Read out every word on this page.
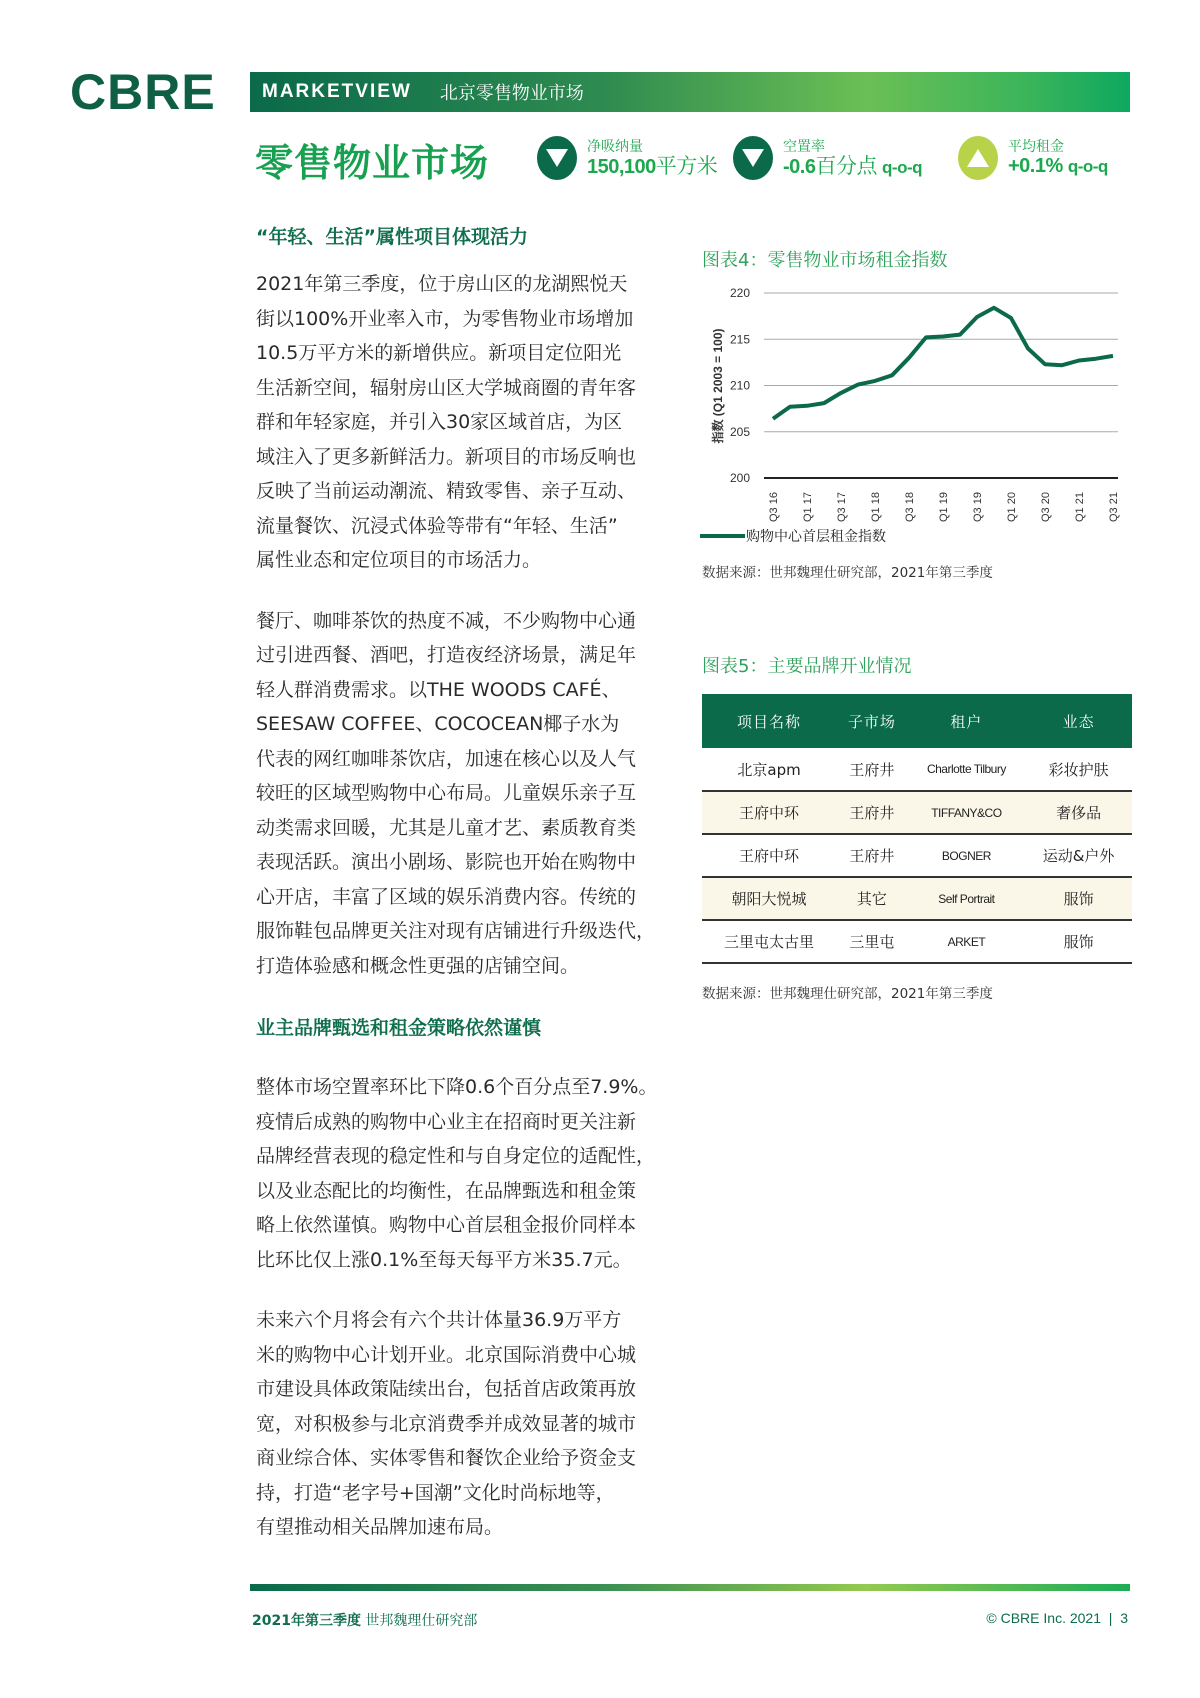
CBRE MARKETVIEW 北京零售物业市场
零售物业市场	净吸纳量
150,100平方米
空置率
-0.6百分点 q-o-q
平均租金
+0.1% q-o-q
“年轻、生活”属性项目体现活力
2021年第三季度，位于房山区的龙湖熙悦天
街以100%开业率入市，为零售物业市场增加
10.5万平方米的新增供应。新项目定位阳光
生活新空间，辐射房山区大学城商圈的青年客
群和年轻家庭，并引入30家区域首店，为区
域注入了更多新鲜活力。新项目的市场反响也
反映了当前运动潮流、精致零售、亲子互动、
流量餐饮、沉浸式体验等带有“年轻、生活”
属性业态和定位项目的市场活力。
餐厅、咖啡茶饮的热度不减，不少购物中心通
过引进西餐、酒吧，打造夜经济场景，满足年
轻人群消费需求。以THE WOODS CAFÉ、
SEESAW COFFEE、COCOCEAN椰子水为
代表的网红咖啡茶饮店，加速在核心以及人气
较旺的区域型购物中心布局。儿童娱乐亲子互
动类需求回暖，尤其是儿童才艺、素质教育类
表现活跃。演出小剧场、影院也开始在购物中
心开店，丰富了区域的娱乐消费内容。传统的
服饰鞋包品牌更关注对现有店铺进行升级迭代，
打造体验感和概念性更强的店铺空间。
业主品牌甄选和租金策略依然谨慎
整体市场空置率环比下降0.6个百分点至7.9%。
疫情后成熟的购物中心业主在招商时更关注新
品牌经营表现的稳定性和与自身定位的适配性，
以及业态配比的均衡性，在品牌甄选和租金策
略上依然谨慎。购物中心首层租金报价同样本
比环比仅上涨0.1%至每天每平方米35.7元。
未来六个月将会有六个共计体量36.9万平方
米的购物中心计划开业。北京国际消费中心城
市建设具体政策陆续出台，包括首店政策再放
宽，对积极参与北京消费季并成效显著的城市
商业综合体、实体零售和餐饮企业给予资金支
持，打造“老字号+国潮”文化时尚标地等，
有望推动相关品牌加速布局。
图表4：零售物业市场租金指数
200
205
210
215
220
指数 (Q1 2003 = 100)
Q3 16 Q1 17 Q3 17 Q1 18 Q3 18 Q1 19 Q3 19 Q1 20 Q3 20 Q1 21 Q3 21
购物中心首层租金指数
数据来源：世邦魏理仕研究部，2021年第三季度
图表5：主要品牌开业情况
项目名称	子市场	租户	业态
北京apm	王府井	Charlotte Tilbury	彩妆护肤
王府中环	王府井	TIFFANY&CO	奢侈品
王府中环	王府井	BOGNER	运动&户外
朝阳大悦城	其它	Self Portrait	服饰
三里屯太古里	三里屯	ARKET	服饰
数据来源：世邦魏理仕研究部，2021年第三季度
2021年第三季度 世邦魏理仕研究部	© CBRE Inc. 2021 | 3
